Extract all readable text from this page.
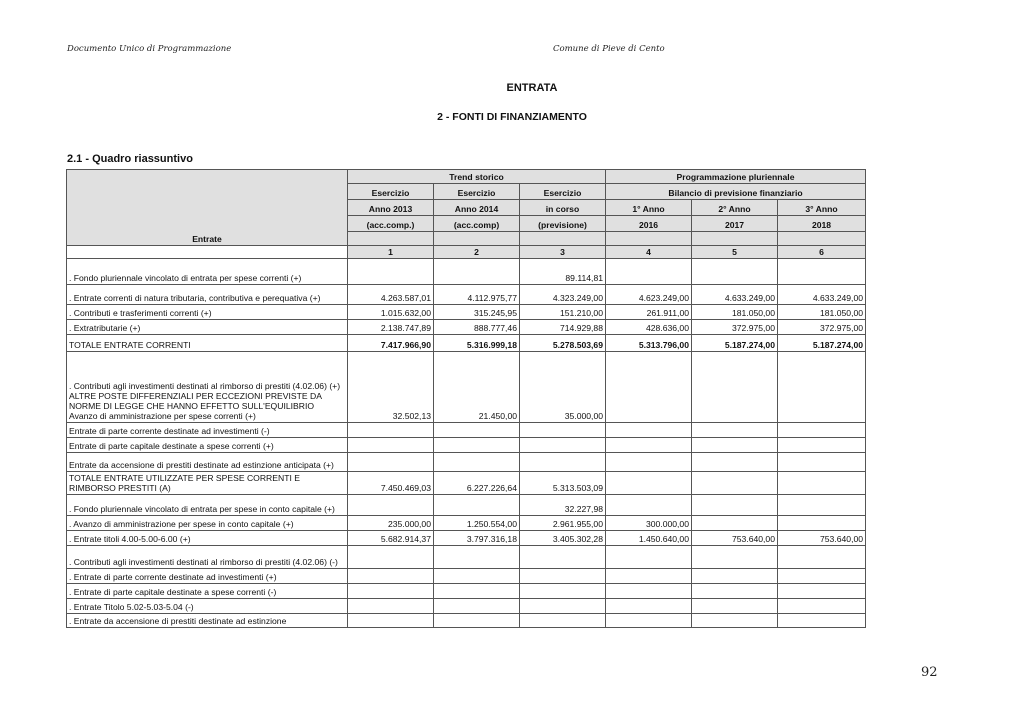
Documento Unico di Programmazione	Comune di Pieve di Cento
ENTRATA
2 - FONTI DI FINANZIAMENTO
2.1 - Quadro riassuntivo
Entrate	Trend storico			Programmazione pluriennale		
	Esercizio	Esercizio	Esercizio	Bilancio di previsione finanziario		
	Anno 2013	Anno 2014	in corso	1° Anno	2° Anno	3° Anno
	(acc.comp.)	(acc.comp)	(previsione)	2016	2017	2018

	1	2	3	4	5	6
. Fondo pluriennale vincolato di entrata per spese correnti (+)			89.114,81			
. Entrate correnti di natura tributaria, contributiva e perequativa (+)	4.263.587,01	4.112.975,77	4.323.249,00	4.623.249,00	4.633.249,00	4.633.249,00
. Contributi e trasferimenti correnti (+)	1.015.632,00	315.245,95	151.210,00	261.911,00	181.050,00	181.050,00
. Extratributarie (+)	2.138.747,89	888.777,46	714.929,88	428.636,00	372.975,00	372.975,00
TOTALE ENTRATE CORRENTI	7.417.966,90	5.316.999,18	5.278.503,69	5.313.796,00	5.187.274,00	5.187.274,00
. Contributi agli investimenti destinati al rimborso di prestiti (4.02.06) (+)
ALTRE POSTE DIFFERENZIALI PER ECCEZIONI PREVISTE DA NORME DI LEGGE CHE HANNO EFFETTO SULL'EQUILIBRIO
Avanzo di amministrazione per spese correnti (+)	32.502,13	21.450,00	35.000,00			
Entrate di parte corrente destinate ad investimenti (-)						
Entrate di parte capitale destinate a spese correnti (+)						
Entrate da accensione di prestiti destinate ad estinzione anticipata (+)						
TOTALE ENTRATE UTILIZZATE PER SPESE CORRENTI E RIMBORSO PRESTITI (A)	7.450.469,03	6.227.226,64	5.313.503,09			
. Fondo pluriennale vincolato di entrata per spese in conto capitale (+)			32.227,98			
. Avanzo di amministrazione per spese in conto capitale (+)	235.000,00	1.250.554,00	2.961.955,00	300.000,00		
. Entrate titoli 4.00-5.00-6.00 (+)	5.682.914,37	3.797.316,18	3.405.302,28	1.450.640,00	753.640,00	753.640,00
. Contributi agli investimenti destinati al rimborso di prestiti (4.02.06) (-)						
. Entrate di parte corrente destinate ad investimenti (+)						
. Entrate di parte capitale destinate a spese correnti (-)						
. Entrate Titolo 5.02-5.03-5.04 (-)						
. Entrate da accensione di prestiti destinate ad estinzione						
92
